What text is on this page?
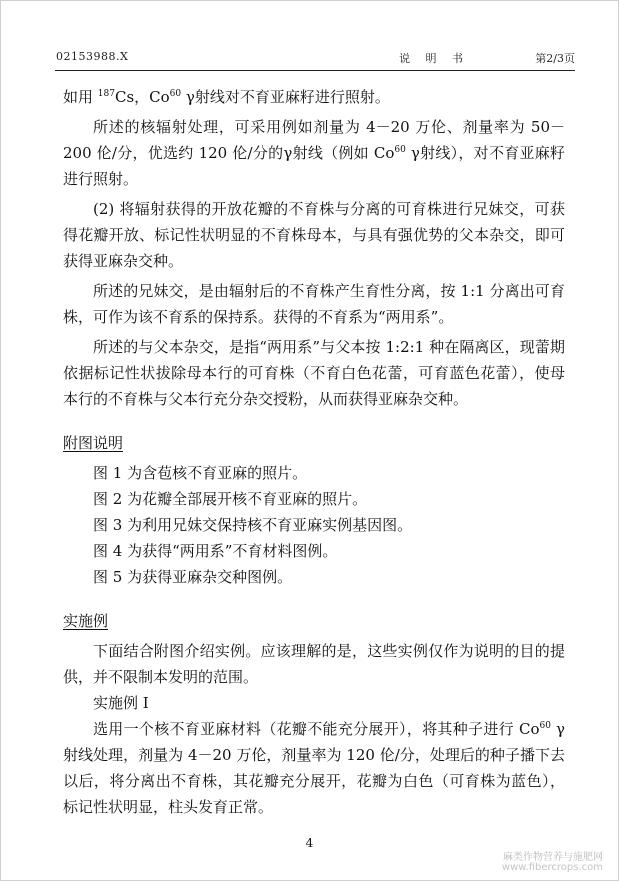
02153988.X	说 明 书	第2/3页

如用 $^{187}$Cs，Co$^{60}$ γ射线对不育亚麻籽进行照射。

所述的核辐射处理，可采用例如剂量为 4－20 万伦、剂量率为 50－200 伦/分，优选约 120 伦/分的γ射线（例如 Co$^{60}$ γ射线），对不育亚麻籽进行照射。

(2) 将辐射获得的开放花瓣的不育株与分离的可育株进行兄妹交，可获得花瓣开放、标记性状明显的不育株母本，与具有强优势的父本杂交，即可获得亚麻杂交种。

所述的兄妹交，是由辐射后的不育株产生育性分离，按 1:1 分离出可育株，可作为该不育系的保持系。获得的不育系为“两用系”。

所述的与父本杂交，是指“两用系”与父本按 1:2:1 种在隔离区，现蕾期依据标记性状拔除母本行的可育株（不育白色花蕾，可育蓝色花蕾），使母本行的不育株与父本行充分杂交授粉，从而获得亚麻杂交种。

附图说明

图 1 为含苞核不育亚麻的照片。

图 2 为花瓣全部展开核不育亚麻的照片。

图 3 为利用兄妹交保持核不育亚麻实例基因图。

图 4 为获得“两用系”不育材料图例。

图 5 为获得亚麻杂交种图例。

实施例

下面结合附图介绍实例。应该理解的是，这些实例仅作为说明的目的提供，并不限制本发明的范围。

实施例 I

选用一个核不育亚麻材料（花瓣不能充分展开），将其种子进行 Co$^{60}$ γ射线处理，剂量为 4－20 万伦，剂量率为 120 伦/分，处理后的种子播下去以后，将分离出不育株，其花瓣充分展开，花瓣为白色（可育株为蓝色），标记性状明显，柱头发育正常。

4
麻类作物营养与施肥网
www.fibercrops.com
